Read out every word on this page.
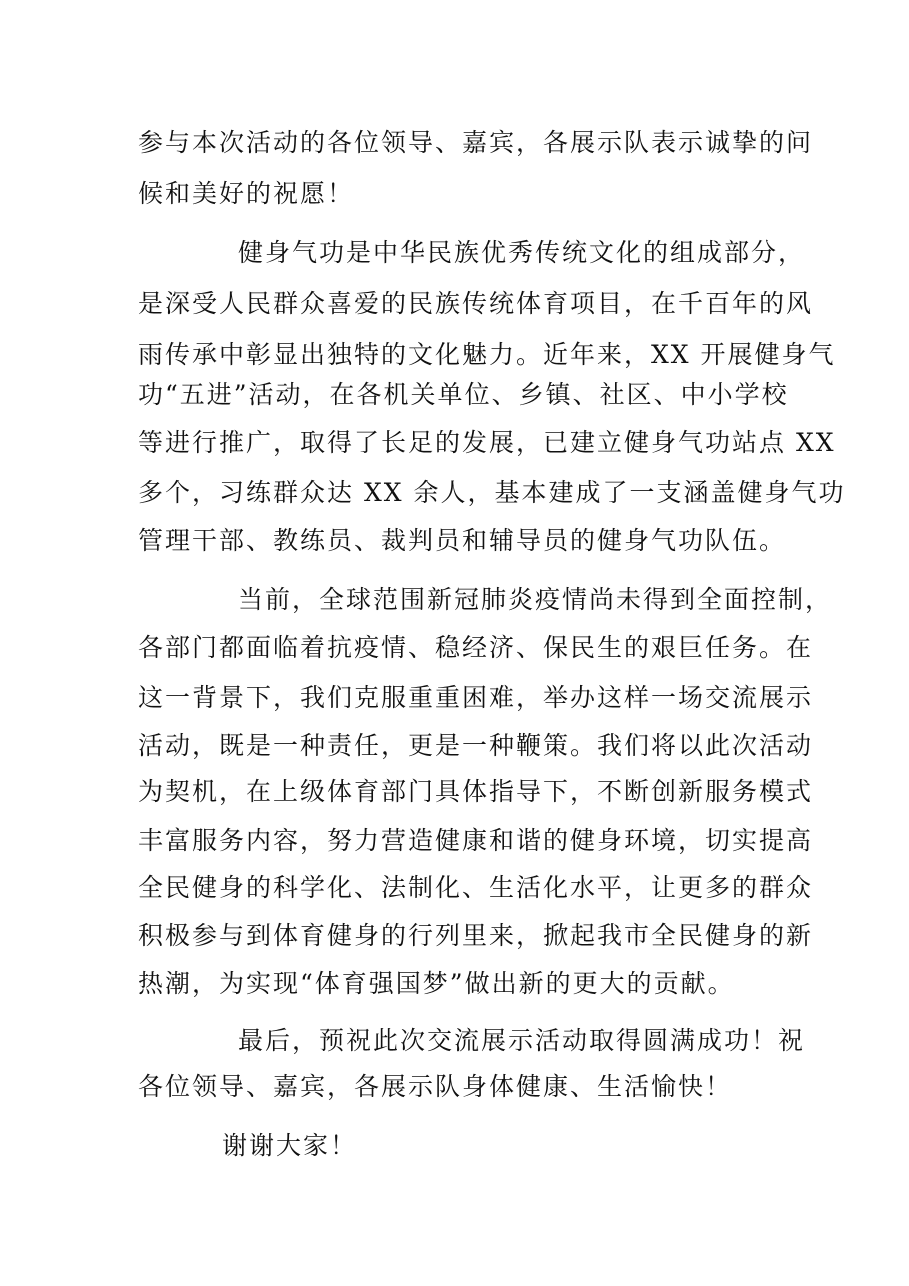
参与本次活动的各位领导、嘉宾，各展示队表示诚挚的问
候和美好的祝愿！
健身气功是中华民族优秀传统文化的组成部分，
是深受人民群众喜爱的民族传统体育项目，在千百年的风
雨传承中彰显出独特的文化魅力。近年来，XX 开展健身气
功“五进”活动，在各机关单位、乡镇、社区、中小学校
等进行推广，取得了长足的发展，已建立健身气功站点 XX
多个，习练群众达 XX 余人，基本建成了一支涵盖健身气功
管理干部、教练员、裁判员和辅导员的健身气功队伍。
当前，全球范围新冠肺炎疫情尚未得到全面控制，
各部门都面临着抗疫情、稳经济、保民生的艰巨任务。在
这一背景下，我们克服重重困难，举办这样一场交流展示
活动，既是一种责任，更是一种鞭策。我们将以此次活动
为契机，在上级体育部门具体指导下，不断创新服务模式
丰富服务内容，努力营造健康和谐的健身环境，切实提高
全民健身的科学化、法制化、生活化水平，让更多的群众
积极参与到体育健身的行列里来，掀起我市全民健身的新
热潮，为实现“体育强国梦”做出新的更大的贡献。
最后，预祝此次交流展示活动取得圆满成功！祝
各位领导、嘉宾，各展示队身体健康、生活愉快！
谢谢大家！
